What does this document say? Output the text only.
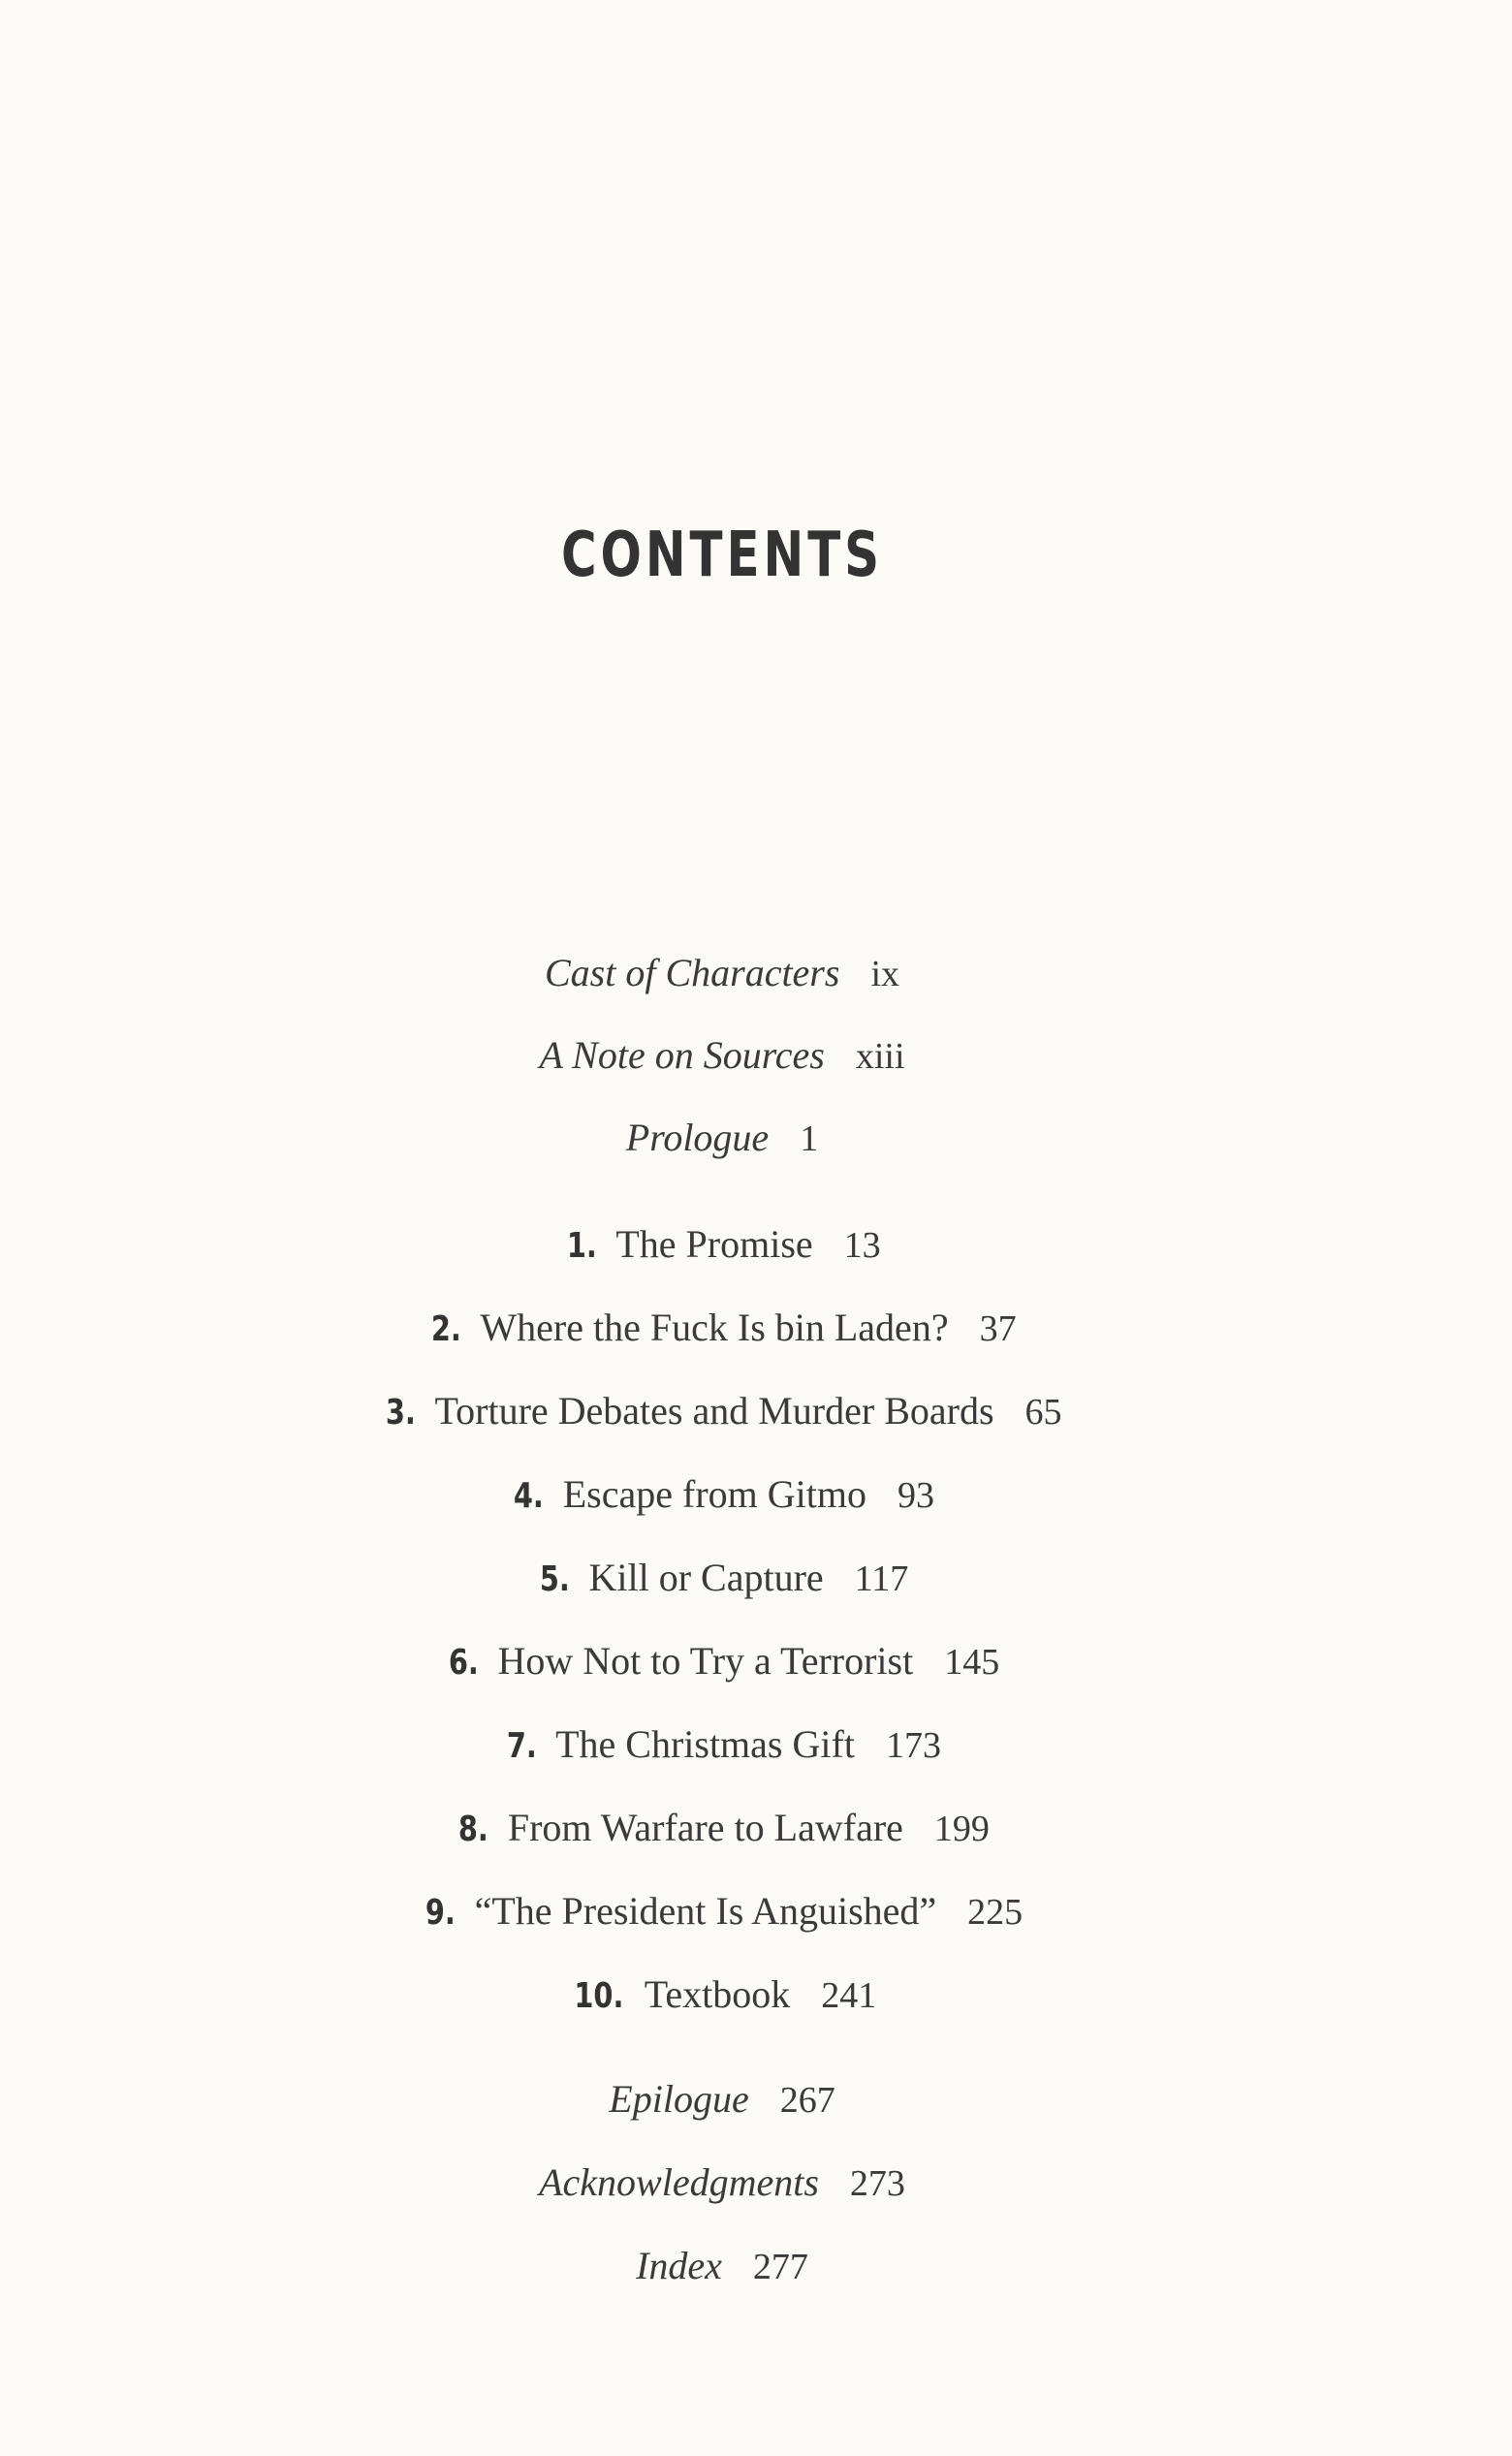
CONTENTS
Cast of Characters ix
A Note on Sources xiii
Prologue 1
1. The Promise 13
2. Where the Fuck Is bin Laden? 37
3. Torture Debates and Murder Boards 65
4. Escape from Gitmo 93
5. Kill or Capture 117
6. How Not to Try a Terrorist 145
7. The Christmas Gift 173
8. From Warfare to Lawfare 199
9. “The President Is Anguished” 225
10. Textbook 241
Epilogue 267
Acknowledgments 273
Index 277
